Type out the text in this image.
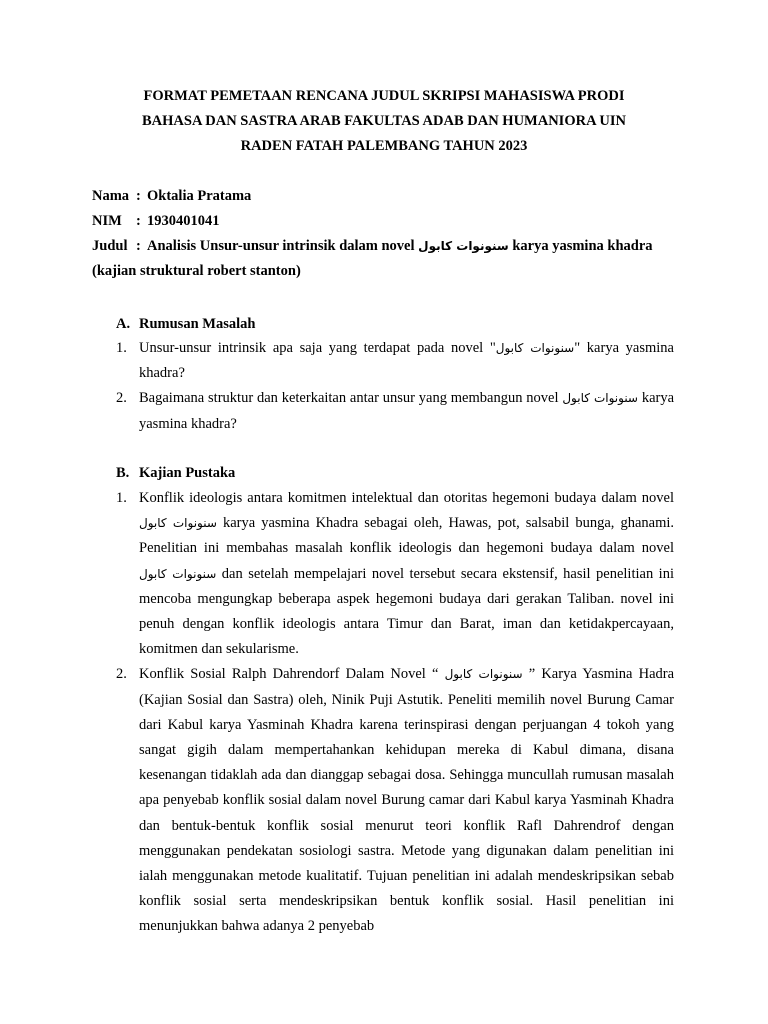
FORMAT PEMETAAN RENCANA JUDUL SKRIPSI MAHASISWA PRODI
BAHASA DAN SASTRA ARAB FAKULTAS ADAB DAN HUMANIORA UIN
RADEN FATAH PALEMBANG TAHUN 2023
Nama : Oktalia Pratama
NIM : 1930401041
Judul : Analisis Unsur-unsur intrinsik dalam novel سنونوات كابول karya yasmina khadra
(kajian struktural robert stanton)
A. Rumusan Masalah
1. Unsur-unsur intrinsik apa saja yang terdapat pada novel "سنونوات كابول" karya yasmina khadra?
2. Bagaimana struktur dan keterkaitan antar unsur yang membangun novel سنونوات كابول karya yasmina khadra?
B. Kajian Pustaka
1. Konflik ideologis antara komitmen intelektual dan otoritas hegemoni budaya dalam novel سنونوات كابول karya yasmina Khadra sebagai oleh, Hawas, pot, salsabil bunga, ghanami. Penelitian ini membahas masalah konflik ideologis dan hegemoni budaya dalam novel سنونوات كابول dan setelah mempelajari novel tersebut secara ekstensif, hasil penelitian ini mencoba mengungkap beberapa aspek hegemoni budaya dari gerakan Taliban. novel ini penuh dengan konflik ideologis antara Timur dan Barat, iman dan ketidakpercayaan, komitmen dan sekularisme.
2. Konflik Sosial Ralph Dahrendorf Dalam Novel “ سنونوات كابول ” Karya Yasmina Hadra (Kajian Sosial dan Sastra) oleh, Ninik Puji Astutik. Peneliti memilih novel Burung Camar dari Kabul karya Yasminah Khadra karena terinspirasi dengan perjuangan 4 tokoh yang sangat gigih dalam mempertahankan kehidupan mereka di Kabul dimana, disana kesenangan tidaklah ada dan dianggap sebagai dosa. Sehingga muncullah rumusan masalah apa penyebab konflik sosial dalam novel Burung camar dari Kabul karya Yasminah Khadra dan bentuk-bentuk konflik sosial menurut teori konflik Rafl Dahrendrof dengan menggunakan pendekatan sosiologi sastra. Metode yang digunakan dalam penelitian ini ialah menggunakan metode kualitatif. Tujuan penelitian ini adalah mendeskripsikan sebab konflik sosial serta mendeskripsikan bentuk konflik sosial. Hasil penelitian ini menunjukkan bahwa adanya 2 penyebab
